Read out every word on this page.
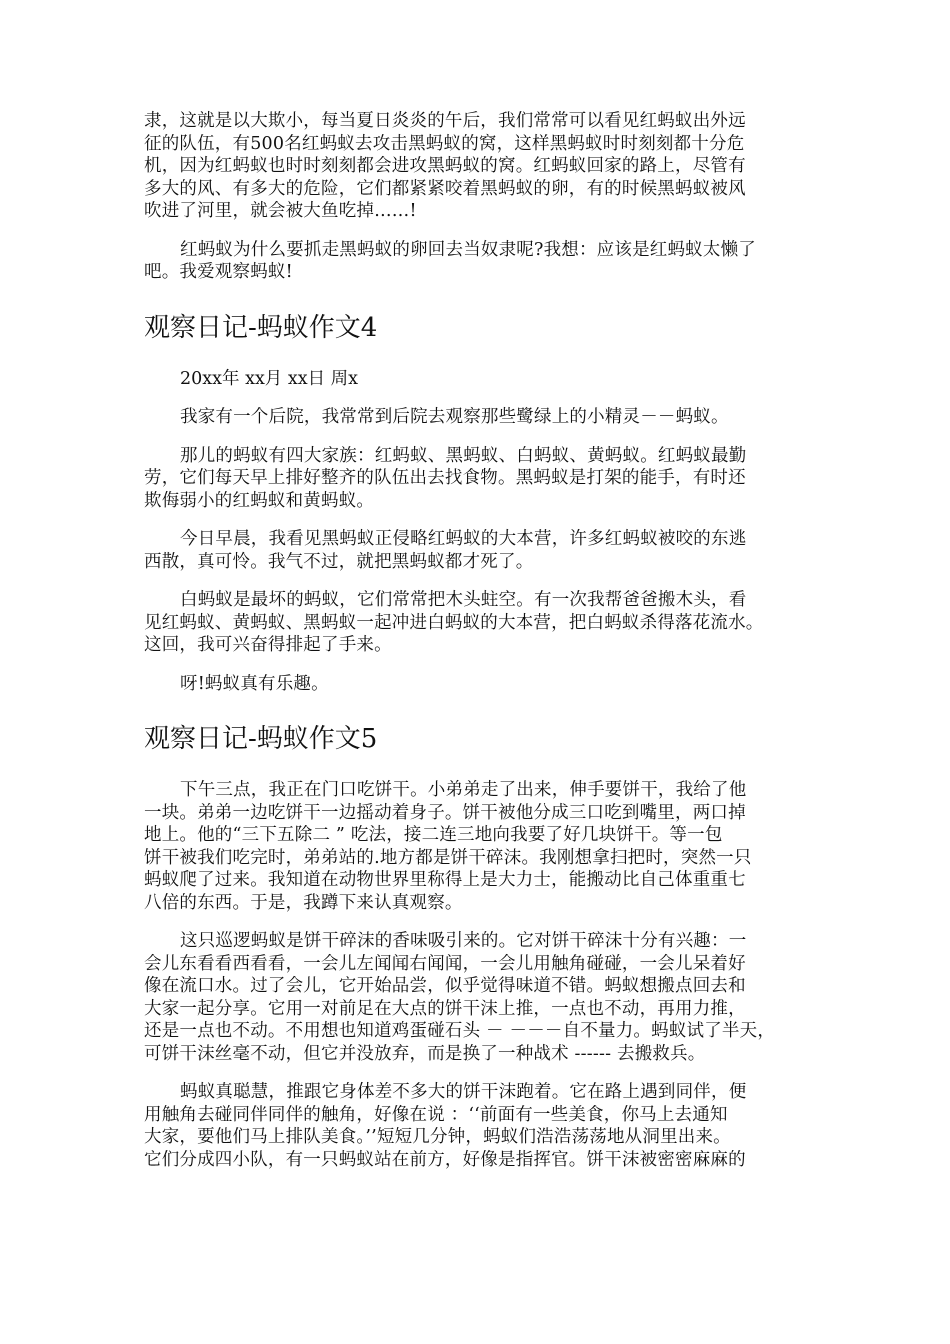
隶，这就是以大欺小，每当夏日炎炎的午后，我们常常可以看见红蚂蚁出外远
征的队伍，有500名红蚂蚁去攻击黑蚂蚁的窝，这样黑蚂蚁时时刻刻都十分危
机，因为红蚂蚁也时时刻刻都会进攻黑蚂蚁的窝。红蚂蚁回家的路上，尽管有
多大的风、有多大的危险，它们都紧紧咬着黑蚂蚁的卵，有的时候黑蚂蚁被风
吹进了河里，就会被大鱼吃掉……!
红蚂蚁为什么要抓走黑蚂蚁的卵回去当奴隶呢?我想：应该是红蚂蚁太懒了
吧。我爱观察蚂蚁!
观察日记-蚂蚁作文4
20xx年 xx月 xx日 周x
我家有一个后院，我常常到后院去观察那些鹭绿上的小精灵－－蚂蚁。
那儿的蚂蚁有四大家族：红蚂蚁、黑蚂蚁、白蚂蚁、黄蚂蚁。红蚂蚁最勤
劳，它们每天早上排好整齐的队伍出去找食物。黑蚂蚁是打架的能手，有时还
欺侮弱小的红蚂蚁和黄蚂蚁。
今日早晨，我看见黑蚂蚁正侵略红蚂蚁的大本营，许多红蚂蚁被咬的东逃
西散，真可怜。我气不过，就把黑蚂蚁都才死了。
白蚂蚁是最坏的蚂蚁，它们常常把木头蛀空。有一次我帮爸爸搬木头，看
见红蚂蚁、黄蚂蚁、黑蚂蚁一起冲进白蚂蚁的大本营，把白蚂蚁杀得落花流水。
这回，我可兴奋得排起了手来。
呀!蚂蚁真有乐趣。
观察日记-蚂蚁作文5
下午三点，我正在门口吃饼干。小弟弟走了出来，伸手要饼干，我给了他
一块。弟弟一边吃饼干一边摇动着身子。饼干被他分成三口吃到嘴里，两口掉
地上。他的“三下五除二 ” 吃法，接二连三地向我要了好几块饼干。等一包
饼干被我们吃完时，弟弟站的.地方都是饼干碎沫。我刚想拿扫把时，突然一只
蚂蚁爬了过来。我知道在动物世界里称得上是大力士，能搬动比自己体重重七
八倍的东西。于是，我蹲下来认真观察。
这只巡逻蚂蚁是饼干碎沫的香味吸引来的。它对饼干碎沫十分有兴趣：一
会儿东看看西看看，一会儿左闻闻右闻闻，一会儿用触角碰碰，一会儿呆着好
像在流口水。过了会儿，它开始品尝，似乎觉得味道不错。蚂蚁想搬点回去和
大家一起分享。它用一对前足在大点的饼干沫上推，一点也不动，再用力推，
还是一点也不动。不用想也知道鸡蛋碰石头 － －－－自不量力。蚂蚁试了半天，
可饼干沫丝毫不动，但它并没放弃，而是换了一种战术 ------ 去搬救兵。
蚂蚁真聪慧，推跟它身体差不多大的饼干沫跑着。它在路上遇到同伴，便
用触角去碰同伴同伴的触角，好像在说 ：‘‘前面有一些美食，你马上去通知
大家，要他们马上排队美食。’’短短几分钟，蚂蚁们浩浩荡荡地从洞里出来。
它们分成四小队，有一只蚂蚁站在前方，好像是指挥官。饼干沫被密密麻麻的
